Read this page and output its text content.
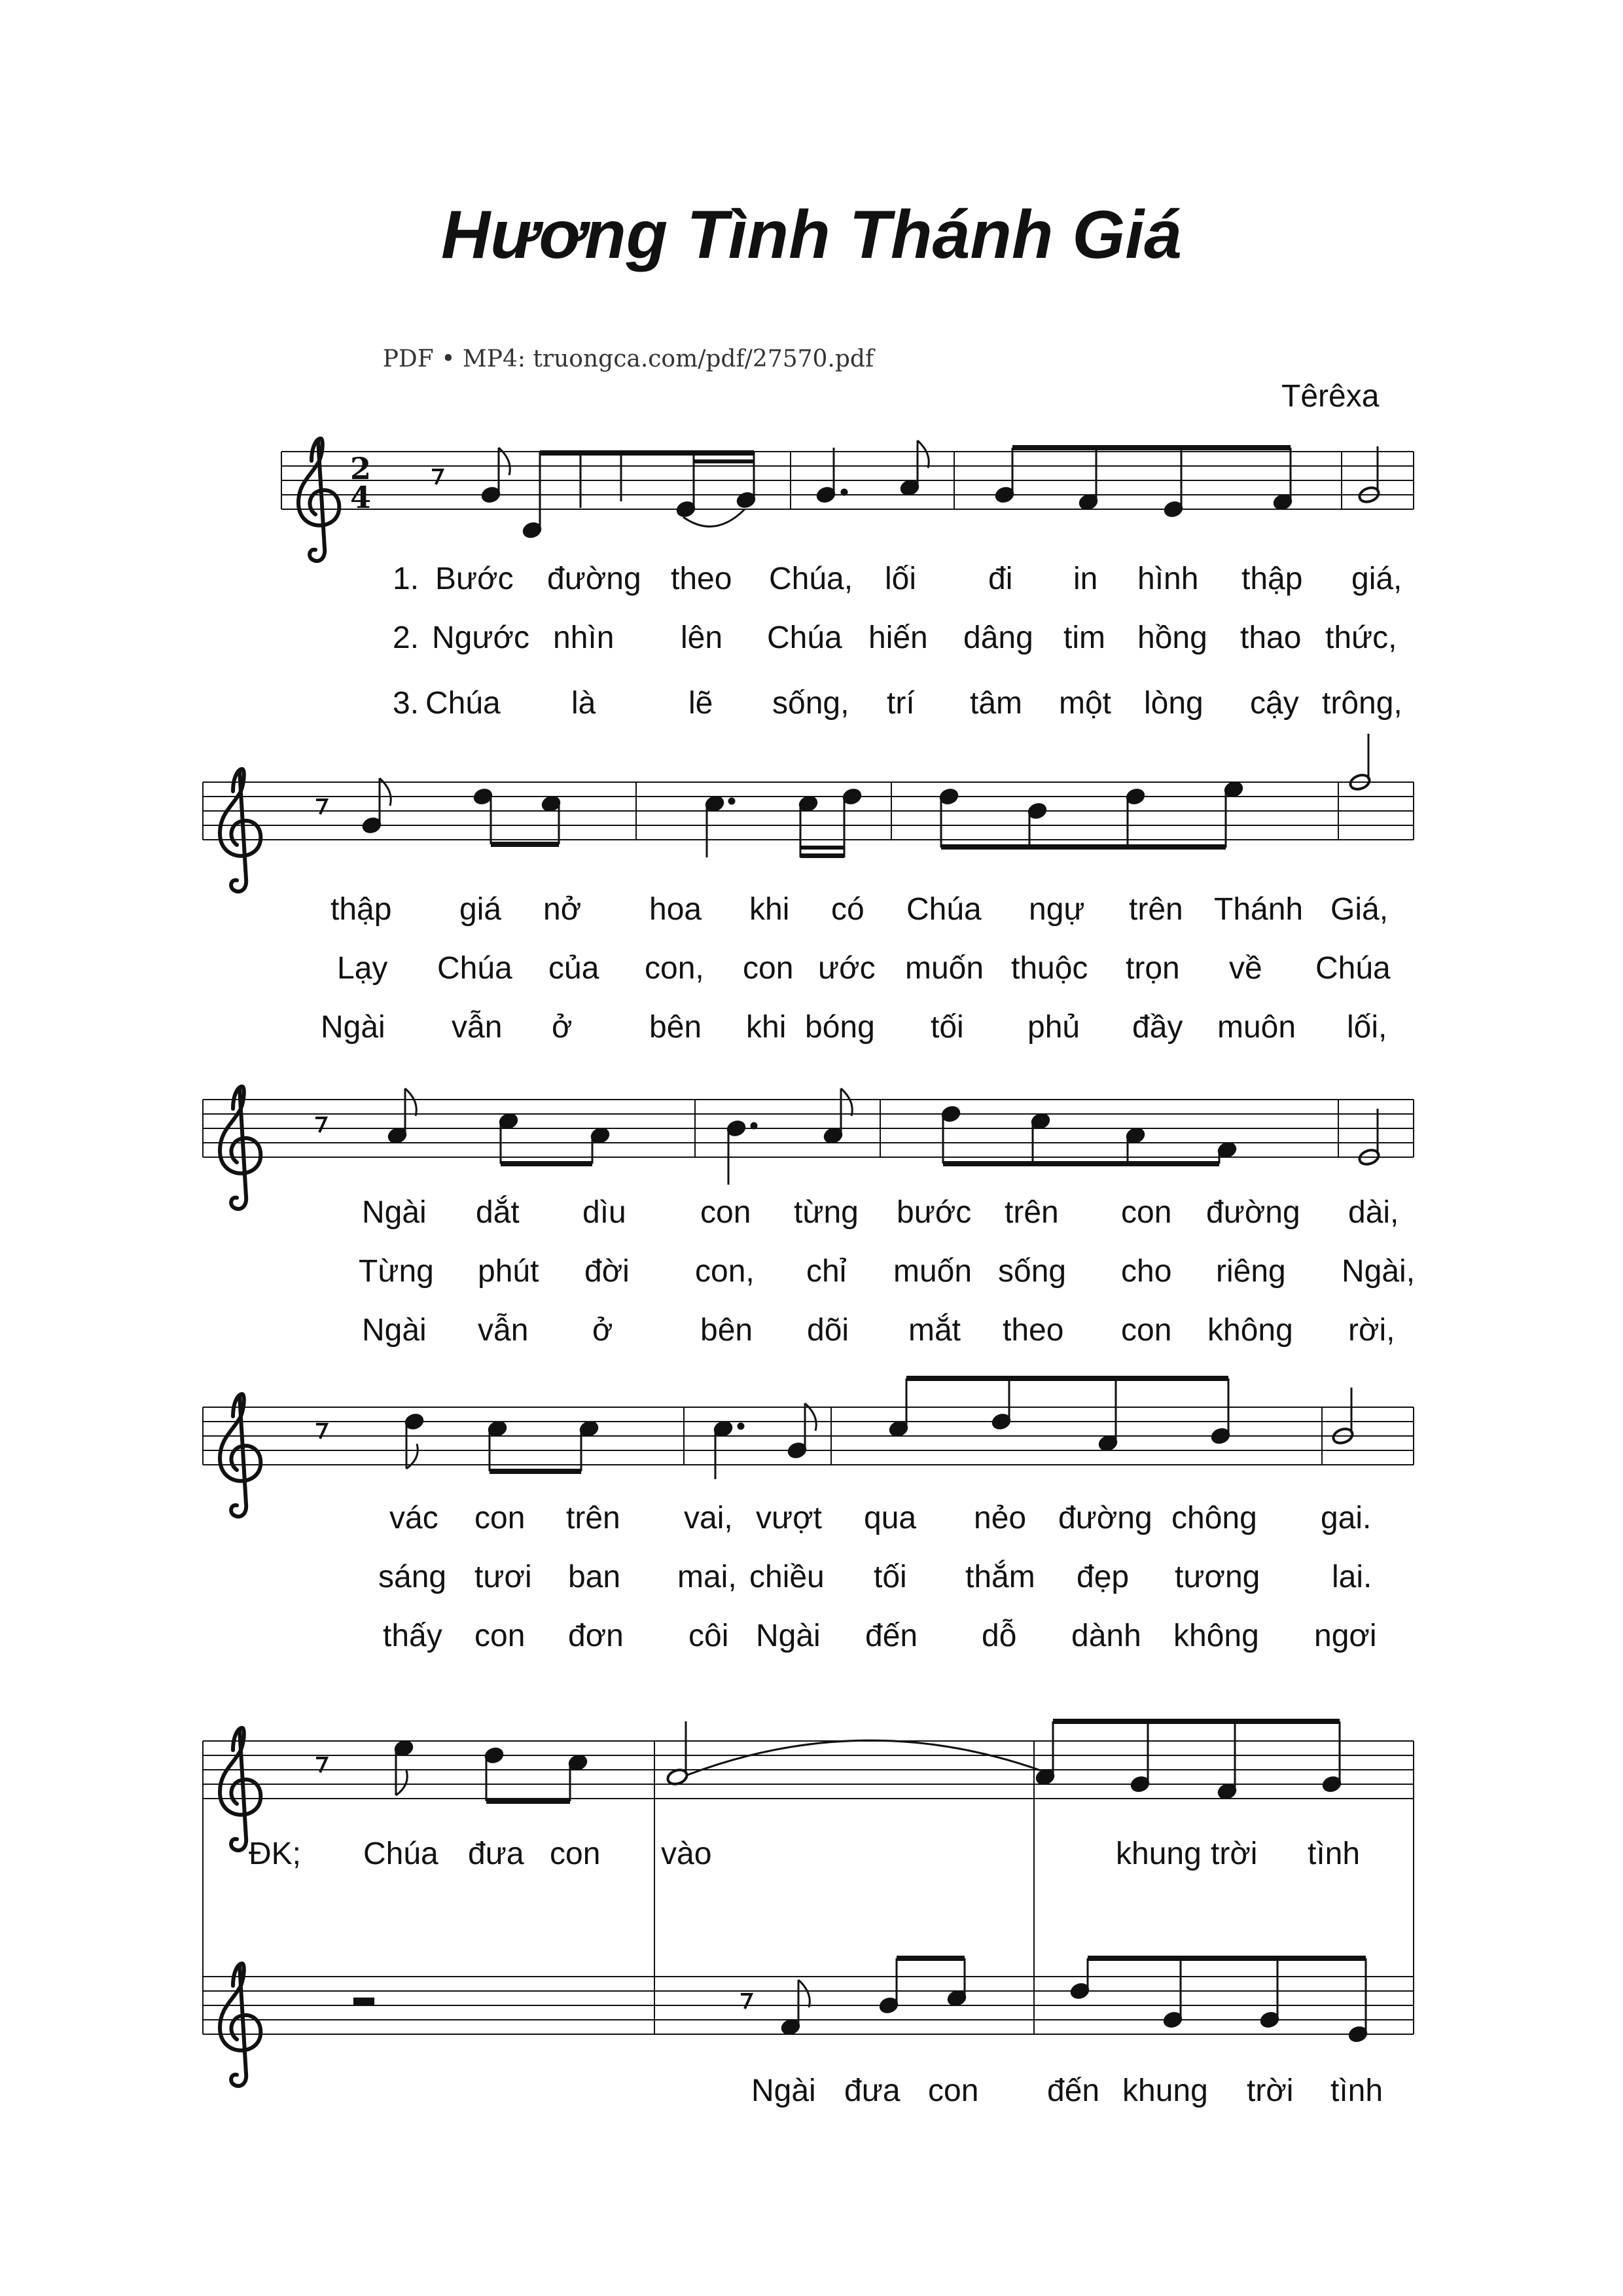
Hương Tình Thánh Giá
PDF • MP4: truongca.com/pdf/27570.pdf
Têrêxa
2
4
1. Bước đường theo Chúa, lối đi in hình thập giá,
2. Ngước nhìn lên Chúa hiến dâng tim hồng thao thức,
3. Chúa là	lẽ sống, trí tâm một lòng cậy trông,
thập giá nở hoa khi có Chúa ngự trên Thánh Giá,
Lạy Chúa của con, con ước muốn thuộc trọn về Chúa
Ngài vẫn ở bên khi bóng tối phủ đầy muôn lối,
Ngài dắt dìu con từng bước trên con đường dài,
Từng phút đời con, chỉ muốn sống cho riêng Ngài,
Ngài vẫn ở	bên dõi mắt theo con không rời,
vác con trên vai, vượt qua nẻo đường chông gai.
sáng tươi ban mai, chiều tối thắm đẹp tương lai.
thấy con đơn côi Ngài đến dỗ dành không ngơi
ĐK; Chúa đưa con vào	khung trời tình
Ngài đưa con đến khung trời tình
